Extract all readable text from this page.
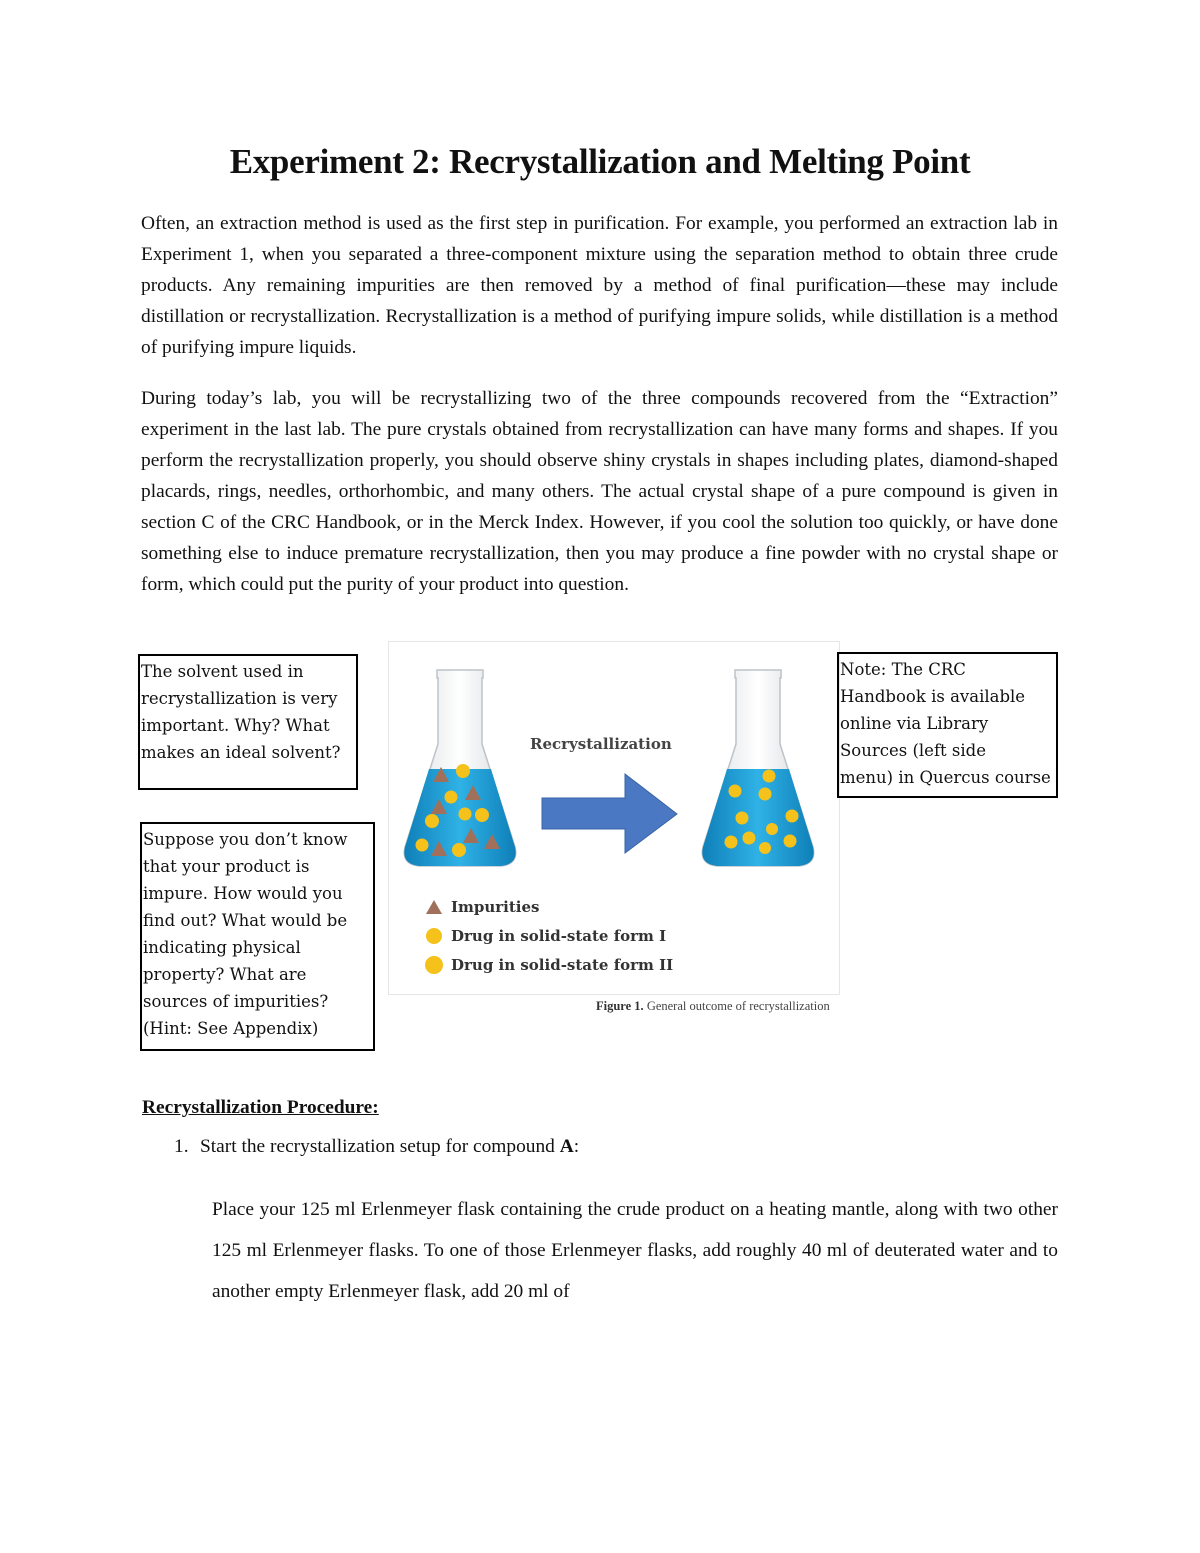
Experiment 2: Recrystallization and Melting Point

Often, an extraction method is used as the first step in purification. For example, you performed an extraction lab in Experiment 1, when you separated a three-component mixture using the separation method to obtain three crude products. Any remaining impurities are then removed by a method of final purification—these may include distillation or recrystallization. Recrystallization is a method of purifying impure solids, while distillation is a method of purifying impure liquids.

During today’s lab, you will be recrystallizing two of the three compounds recovered from the “Extraction” experiment in the last lab. The pure crystals obtained from recrystallization can have many forms and shapes. If you perform the recrystallization properly, you should observe shiny crystals in shapes including plates, diamond-shaped placards, rings, needles, orthorhombic, and many others. The actual crystal shape of a pure compound is given in section C of the CRC Handbook, or in the Merck Index. However, if you cool the solution too quickly, or have done something else to induce premature recrystallization, then you may produce a fine powder with no crystal shape or form, which could put the purity of your product into question.

The solvent used in
recrystallization is very
important. Why? What
makes an ideal solvent?
Suppose you don’t know
that your product is
impure. How would you
find out? What would be
indicating physical
property? What are
sources of impurities?
(Hint: See Appendix)
Recrystallization
Impurities
Drug in solid-state form I
Drug in solid-state form II
Figure 1. General outcome of recrystallization
Note: The CRC
Handbook is available
online via Library
Sources (left side
menu) in Quercus course
Recrystallization Procedure:
1. Start the recrystallization setup for compound A:

Place your 125 ml Erlenmeyer flask containing the crude product on a heating mantle, along with two other 125 ml Erlenmeyer flasks. To one of those Erlenmeyer flasks, add roughly 40 ml of deuterated water and to another empty Erlenmeyer flask, add 20 ml of
